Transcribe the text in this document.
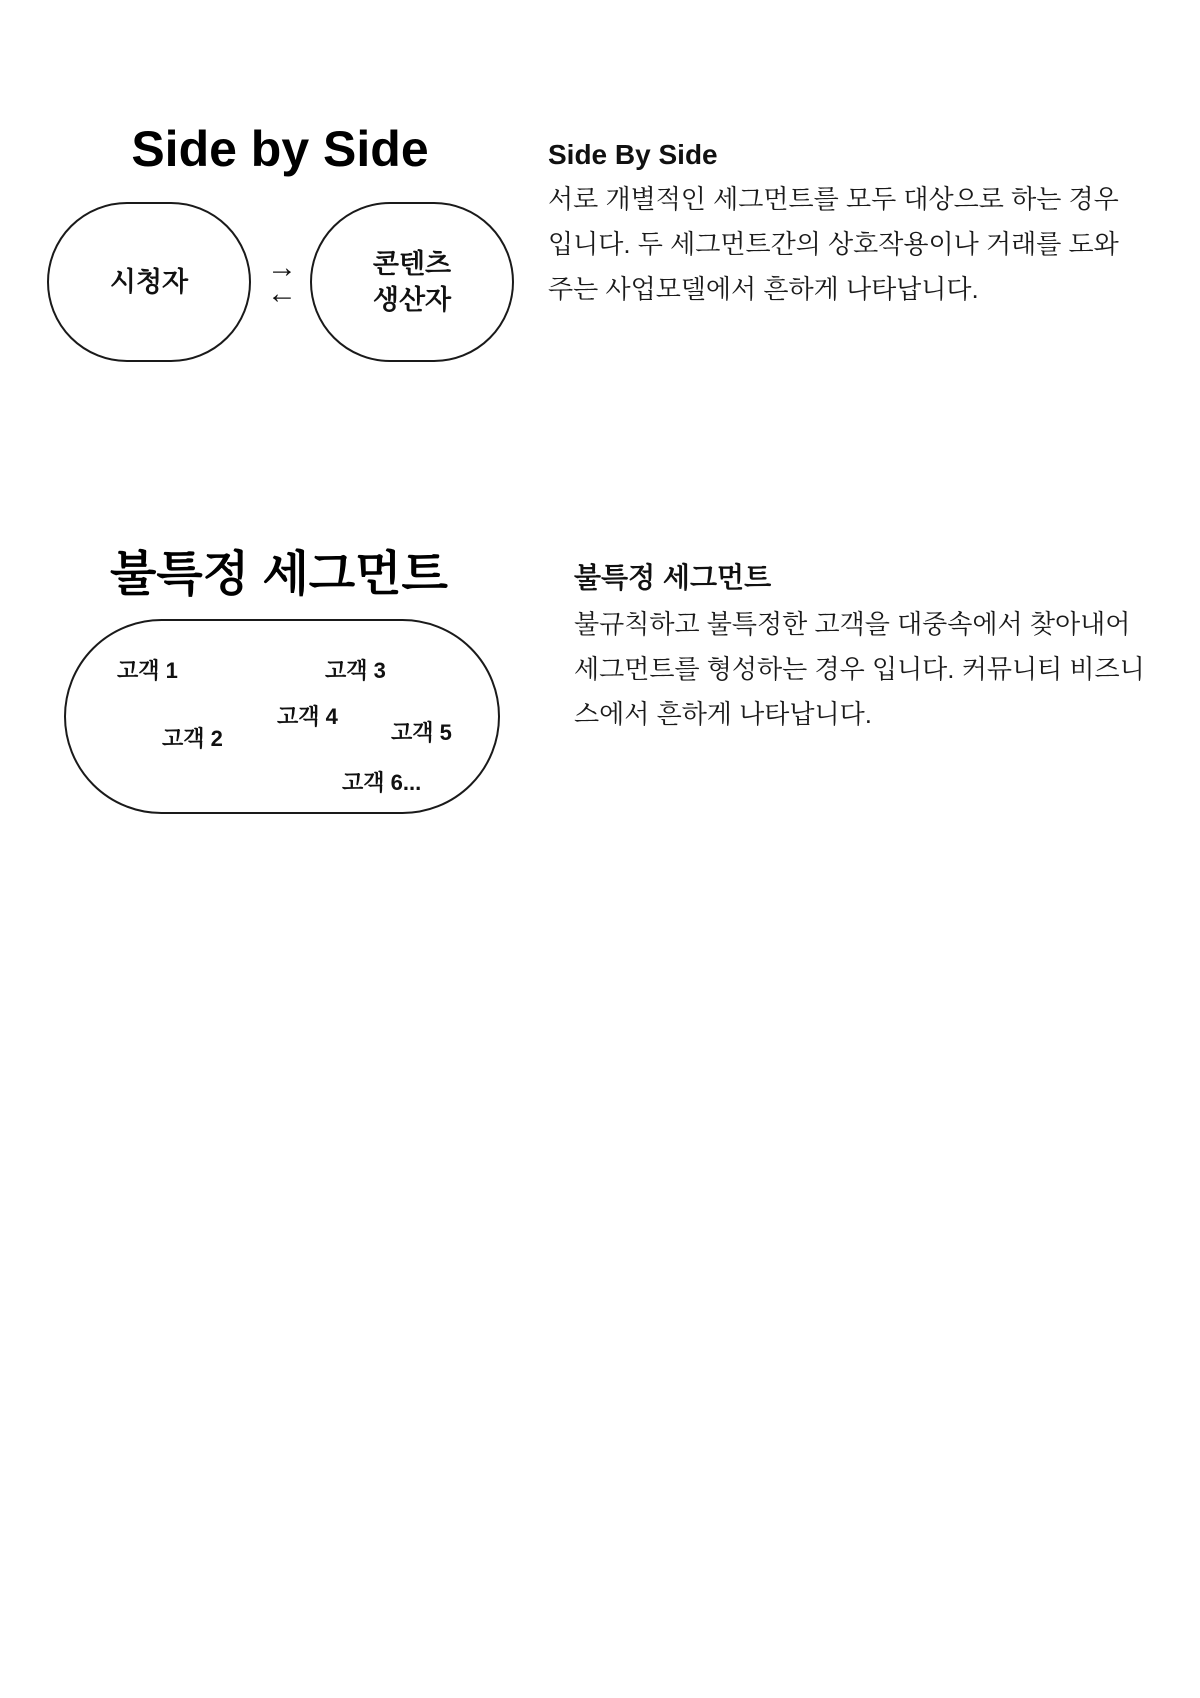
Side by Side
시청자	→
←
콘텐츠
생산자
Side By Side

서로 개별적인 세그먼트를 모두 대상으로 하는 경우 입니다. 두 세그먼트간의 상호작용이나 거래를 도와주는 사업모델에서 흔하게 나타납니다.

불특정 세그먼트
고객 1
고객 2
고객 3
고객 4
고객 5
고객 6...
불특정 세그먼트

불규칙하고 불특정한 고객을 대중속에서 찾아내어 세그먼트를 형성하는 경우 입니다. 커뮤니티 비즈니스에서 흔하게 나타납니다.
